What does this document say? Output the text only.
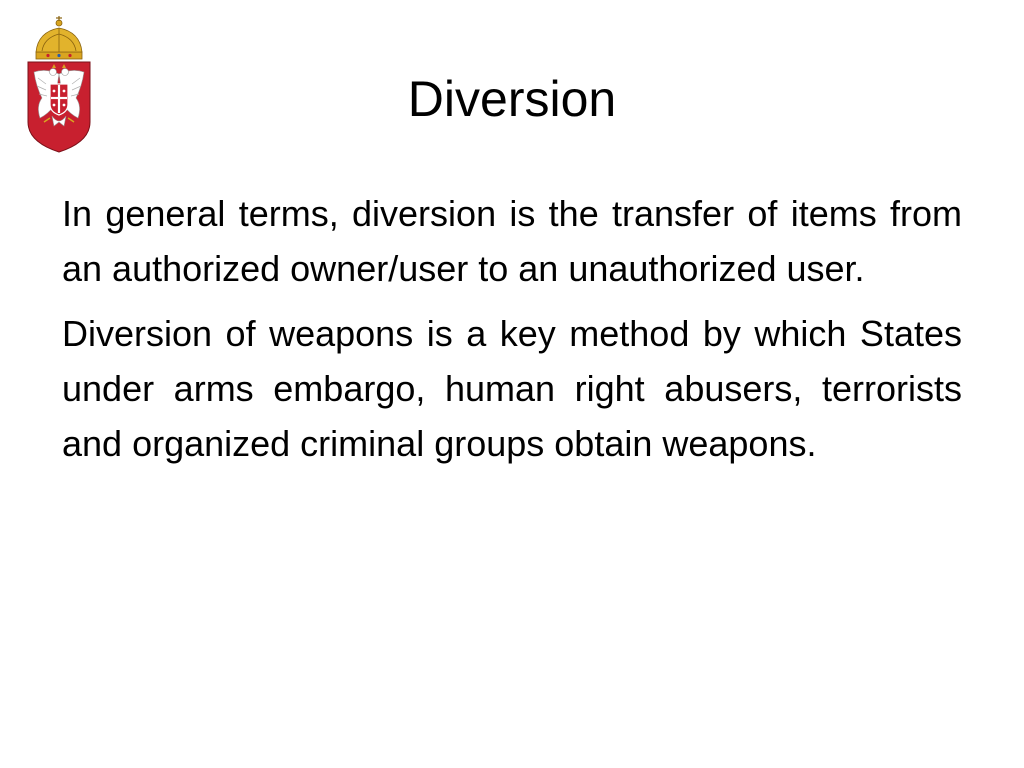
Diversion

In general terms, diversion is the transfer of items from an authorized owner/user to an unauthorized user.

Diversion of weapons is a key method by which States under arms embargo, human right abusers, terrorists and organized criminal groups obtain weapons.
